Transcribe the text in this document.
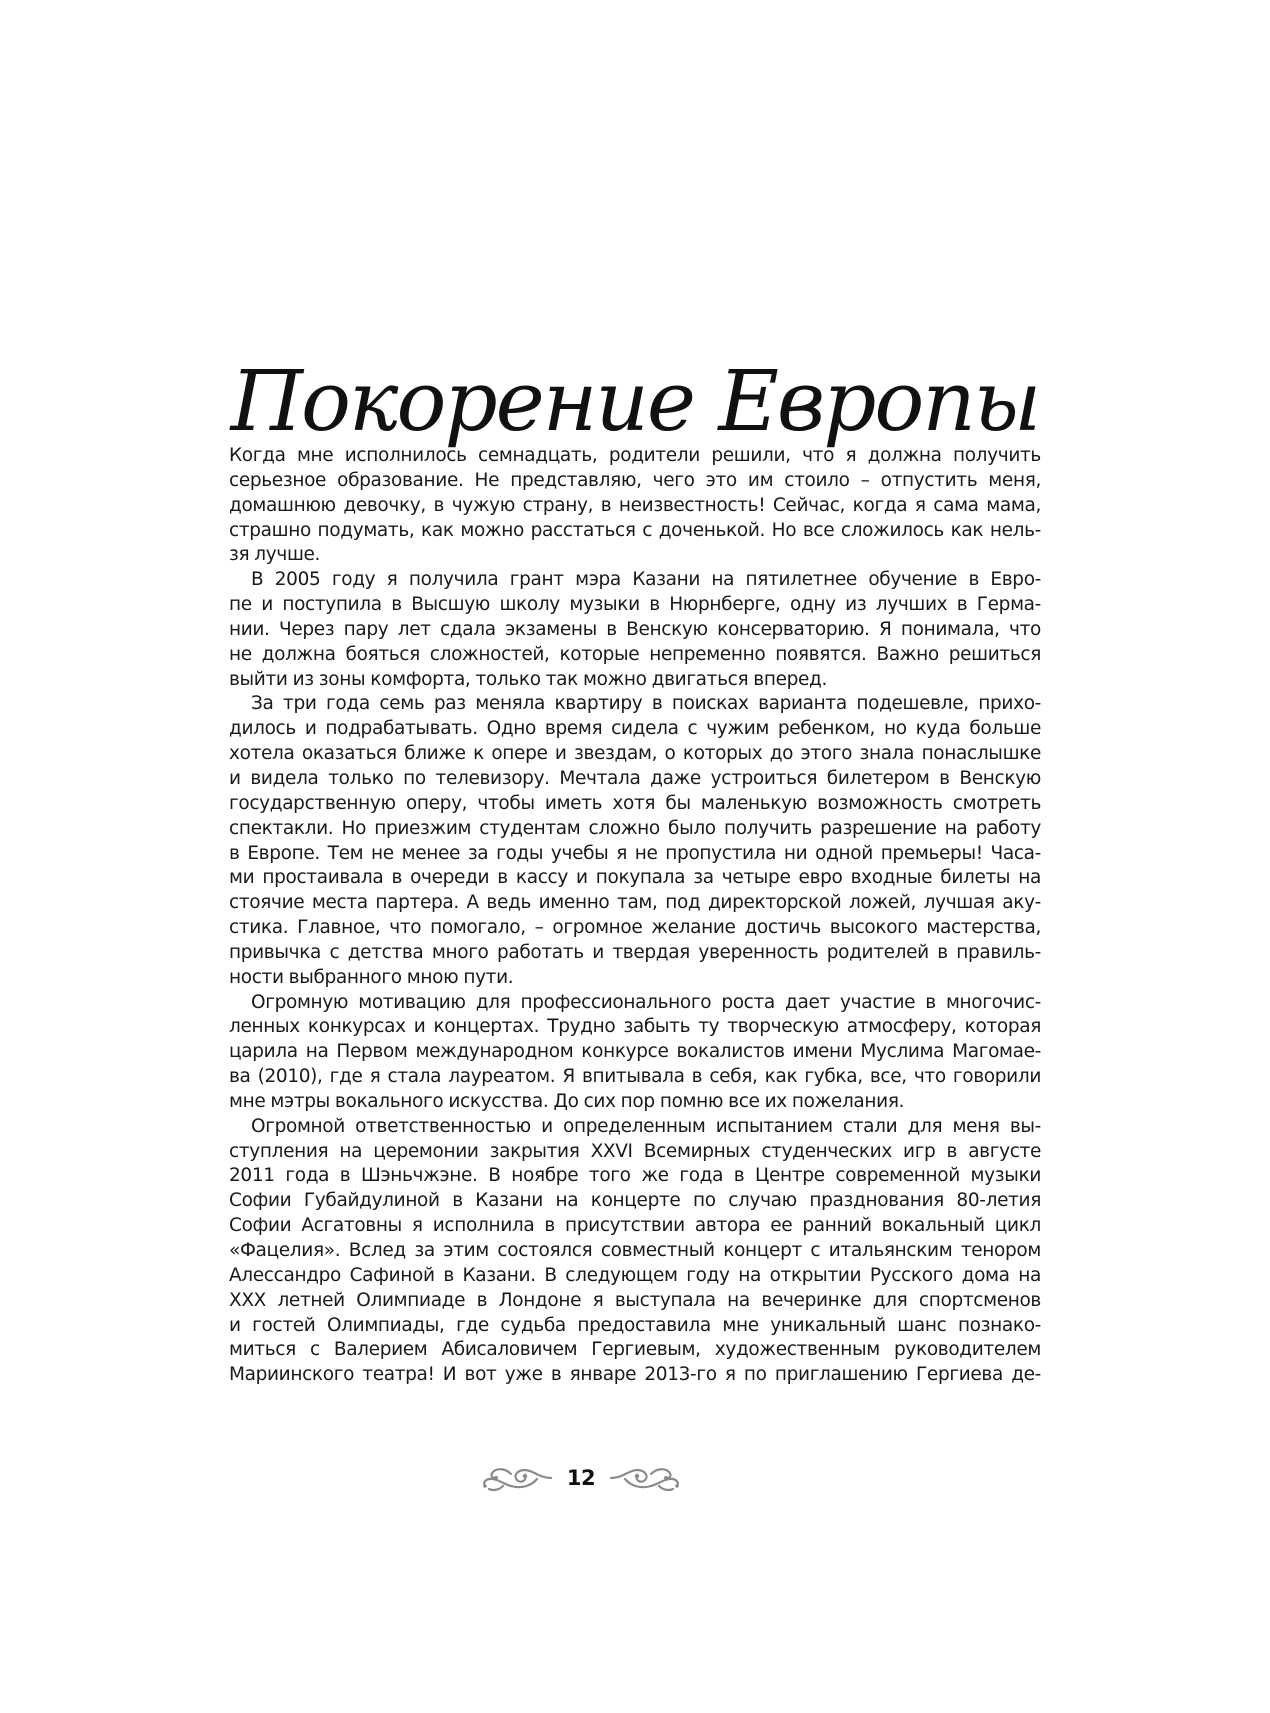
Покорение Европы
Когда мне исполнилось семнадцать, родители решили, что я должна получить
серьезное образование. Не представляю, чего это им стоило – отпустить меня,
домашнюю девочку, в чужую страну, в неизвестность! Сейчас, когда я сама мама,
страшно подумать, как можно расстаться с доченькой. Но все сложилось как нель-
зя лучше.
В 2005 году я получила грант мэра Казани на пятилетнее обучение в Евро-
пе и поступила в Высшую школу музыки в Нюрнберге, одну из лучших в Герма-
нии. Через пару лет сдала экзамены в Венскую консерваторию. Я понимала, что
не должна бояться сложностей, которые непременно появятся. Важно решиться
выйти из зоны комфорта, только так можно двигаться вперед.
За три года семь раз меняла квартиру в поисках варианта подешевле, прихо-
дилось и подрабатывать. Одно время сидела с чужим ребенком, но куда больше
хотела оказаться ближе к опере и звездам, о которых до этого знала понаслышке
и видела только по телевизору. Мечтала даже устроиться билетером в Венскую
государственную оперу, чтобы иметь хотя бы маленькую возможность смотреть
спектакли. Но приезжим студентам сложно было получить разрешение на работу
в Европе. Тем не менее за годы учебы я не пропустила ни одной премьеры! Часа-
ми простаивала в очереди в кассу и покупала за четыре евро входные билеты на
стоячие места партера. А ведь именно там, под директорской ложей, лучшая аку-
стика. Главное, что помогало, – огромное желание достичь высокого мастерства,
привычка с детства много работать и твердая уверенность родителей в правиль-
ности выбранного мною пути.
Огромную мотивацию для профессионального роста дает участие в многочис-
ленных конкурсах и концертах. Трудно забыть ту творческую атмосферу, которая
царила на Первом международном конкурсе вокалистов имени Муслима Магомае-
ва (2010), где я стала лауреатом. Я впитывала в себя, как губка, все, что говорили
мне мэтры вокального искусства. До сих пор помню все их пожелания.
Огромной ответственностью и определенным испытанием стали для меня вы-
ступления на церемонии закрытия XXVI Всемирных студенческих игр в августе
2011 года в Шэньчжэне. В ноябре того же года в Центре современной музыки
Софии Губайдулиной в Казани на концерте по случаю празднования 80-летия
Софии Асгатовны я исполнила в присутствии автора ее ранний вокальный цикл
«Фацелия». Вслед за этим состоялся совместный концерт с итальянским тенором
Алессандро Сафиной в Казани. В следующем году на открытии Русского дома на
XXX летней Олимпиаде в Лондоне я выступала на вечеринке для спортсменов
и гостей Олимпиады, где судьба предоставила мне уникальный шанс познако-
миться с Валерием Абисаловичем Гергиевым, художественным руководителем
Мариинского театра! И вот уже в январе 2013-го я по приглашению Гергиева де-
12
